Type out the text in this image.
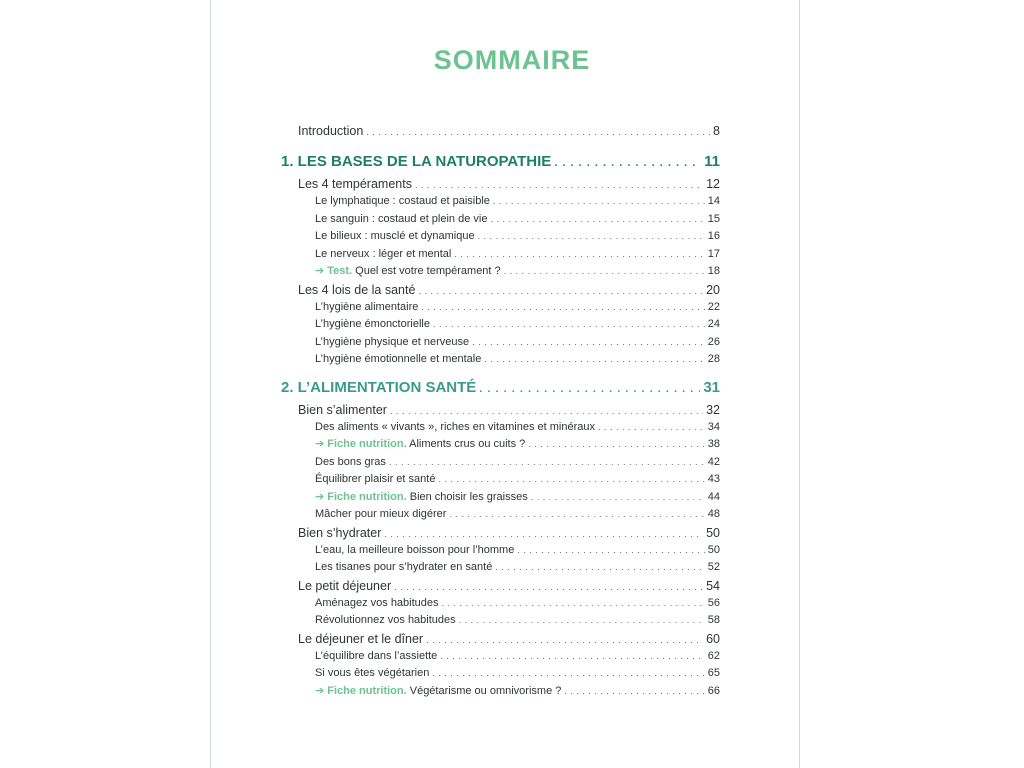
SOMMAIRE
Introduction . . .	8
1. LES BASES DE LA NATUROPATHIE . . .	11
Les 4 tempéraments . . .	12
Le lymphatique : costaud et paisible . . .	14
Le sanguin : costaud et plein de vie . . .	15
Le bilieux : musclé et dynamique . . .	16
Le nerveux : léger et mental . . .	17
➔ Test. Quel est votre tempérament ? . . .	18
Les 4 lois de la santé . . .	20
L’hygiène alimentaire . . .	22
L’hygiène émonctorielle . . .	24
L’hygiène physique et nerveuse . . .	26
L’hygiène émotionnelle et mentale . . .	28
2. L’ALIMENTATION SANTÉ . . .	31
Bien s’alimenter . . .	32
Des aliments « vivants », riches en vitamines et minéraux . . .	34
➔ Fiche nutrition. Aliments crus ou cuits ? . . .	38
Des bons gras . . .	42
Équilibrer plaisir et santé . . .	43
➔ Fiche nutrition. Bien choisir les graisses . . .	44
Mâcher pour mieux digérer . . .	48
Bien s’hydrater . . .	50
L’eau, la meilleure boisson pour l’homme . . .	50
Les tisanes pour s’hydrater en santé . . .	52
Le petit déjeuner . . .	54
Aménagez vos habitudes . . .	56
Révolutionnez vos habitudes . . .	58
Le déjeuner et le dîner . . .	60
L’équilibre dans l’assiette . . .	62
Si vous êtes végétarien . . .	65
➔ Fiche nutrition. Végétarisme ou omnivorisme ? . . .	66
